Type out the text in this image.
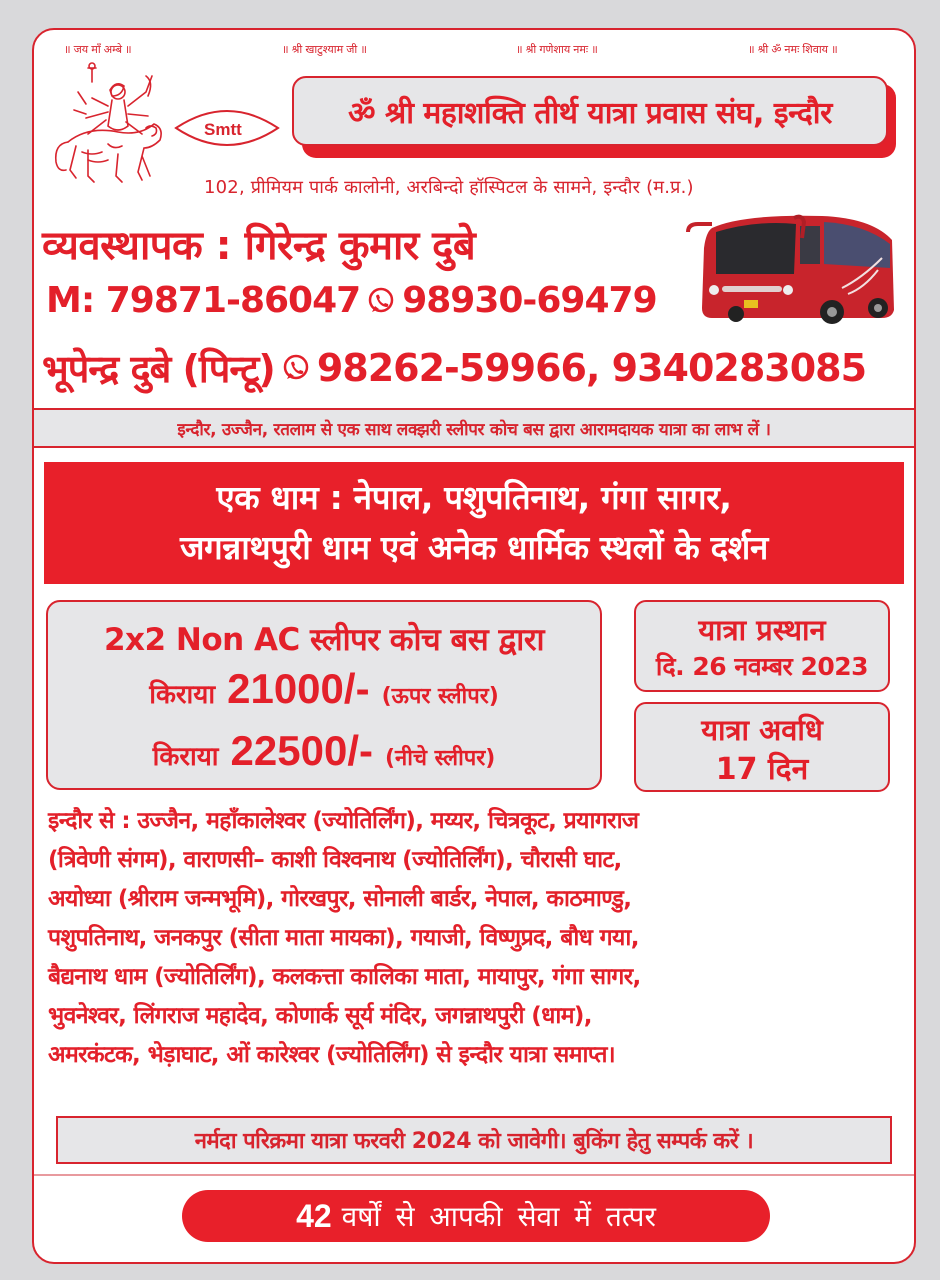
॥ जय माँ अम्बे ॥	॥ श्री खाटुश्याम जी ॥	॥ श्री गणेशाय नमः ॥	॥ श्री ॐ नमः शिवाय ॥
Smtt	ॐ श्री महाशक्ति तीर्थ यात्रा प्रवास संघ, इन्दौर
102, प्रीमियम पार्क कालोनी, अरबिन्दो हॉस्पिटल के सामने, इन्दौर (म.प्र.)
व्यवस्थापक : गिरेन्द्र कुमार दुबे
M: 79871-86047 98930-69479
भूपेन्द्र दुबे (पिन्टू) 98262-59966, 9340283085
इन्दौर, उज्जैन, रतलाम से एक साथ लक्झरी स्लीपर कोच बस द्वारा आरामदायक यात्रा का लाभ लें ।
एक धाम : नेपाल, पशुपतिनाथ, गंगा सागर,
जगन्नाथपुरी धाम एवं अनेक धार्मिक स्थलों के दर्शन
2x2 Non AC स्लीपर कोच बस द्वारा
किराया 21000/- (ऊपर स्लीपर)
किराया 22500/- (नीचे स्लीपर)
यात्रा प्रस्थान
दि. 26 नवम्बर 2023
यात्रा अवधि
17 दिन
इन्दौर से : उज्जैन, महाँकालेश्वर (ज्योतिर्लिंग), मय्यर, चित्रकूट, प्रयागराज
(त्रिवेणी संगम), वाराणसी– काशी विश्वनाथ (ज्योतिर्लिंग), चौरासी घाट,
अयोध्या (श्रीराम जन्मभूमि), गोरखपुर, सोनाली बार्डर, नेपाल, काठमाण्डु,
पशुपतिनाथ, जनकपुर (सीता माता मायका), गयाजी, विष्णुप्रद, बौध गया,
बैद्यनाथ धाम (ज्योतिर्लिंग), कलकत्ता कालिका माता, मायापुर, गंगा सागर,
भुवनेश्वर, लिंगराज महादेव, कोणार्क सूर्य मंदिर, जगन्नाथपुरी (धाम),
अमरकंटक, भेड़ाघाट, ओं कारेश्वर (ज्योतिर्लिंग) से इन्दौर यात्रा समाप्त।
नर्मदा परिक्रमा यात्रा फरवरी 2024 को जावेगी। बुकिंग हेतु सम्पर्क करें ।
42 वर्षों से आपकी सेवा में तत्पर
